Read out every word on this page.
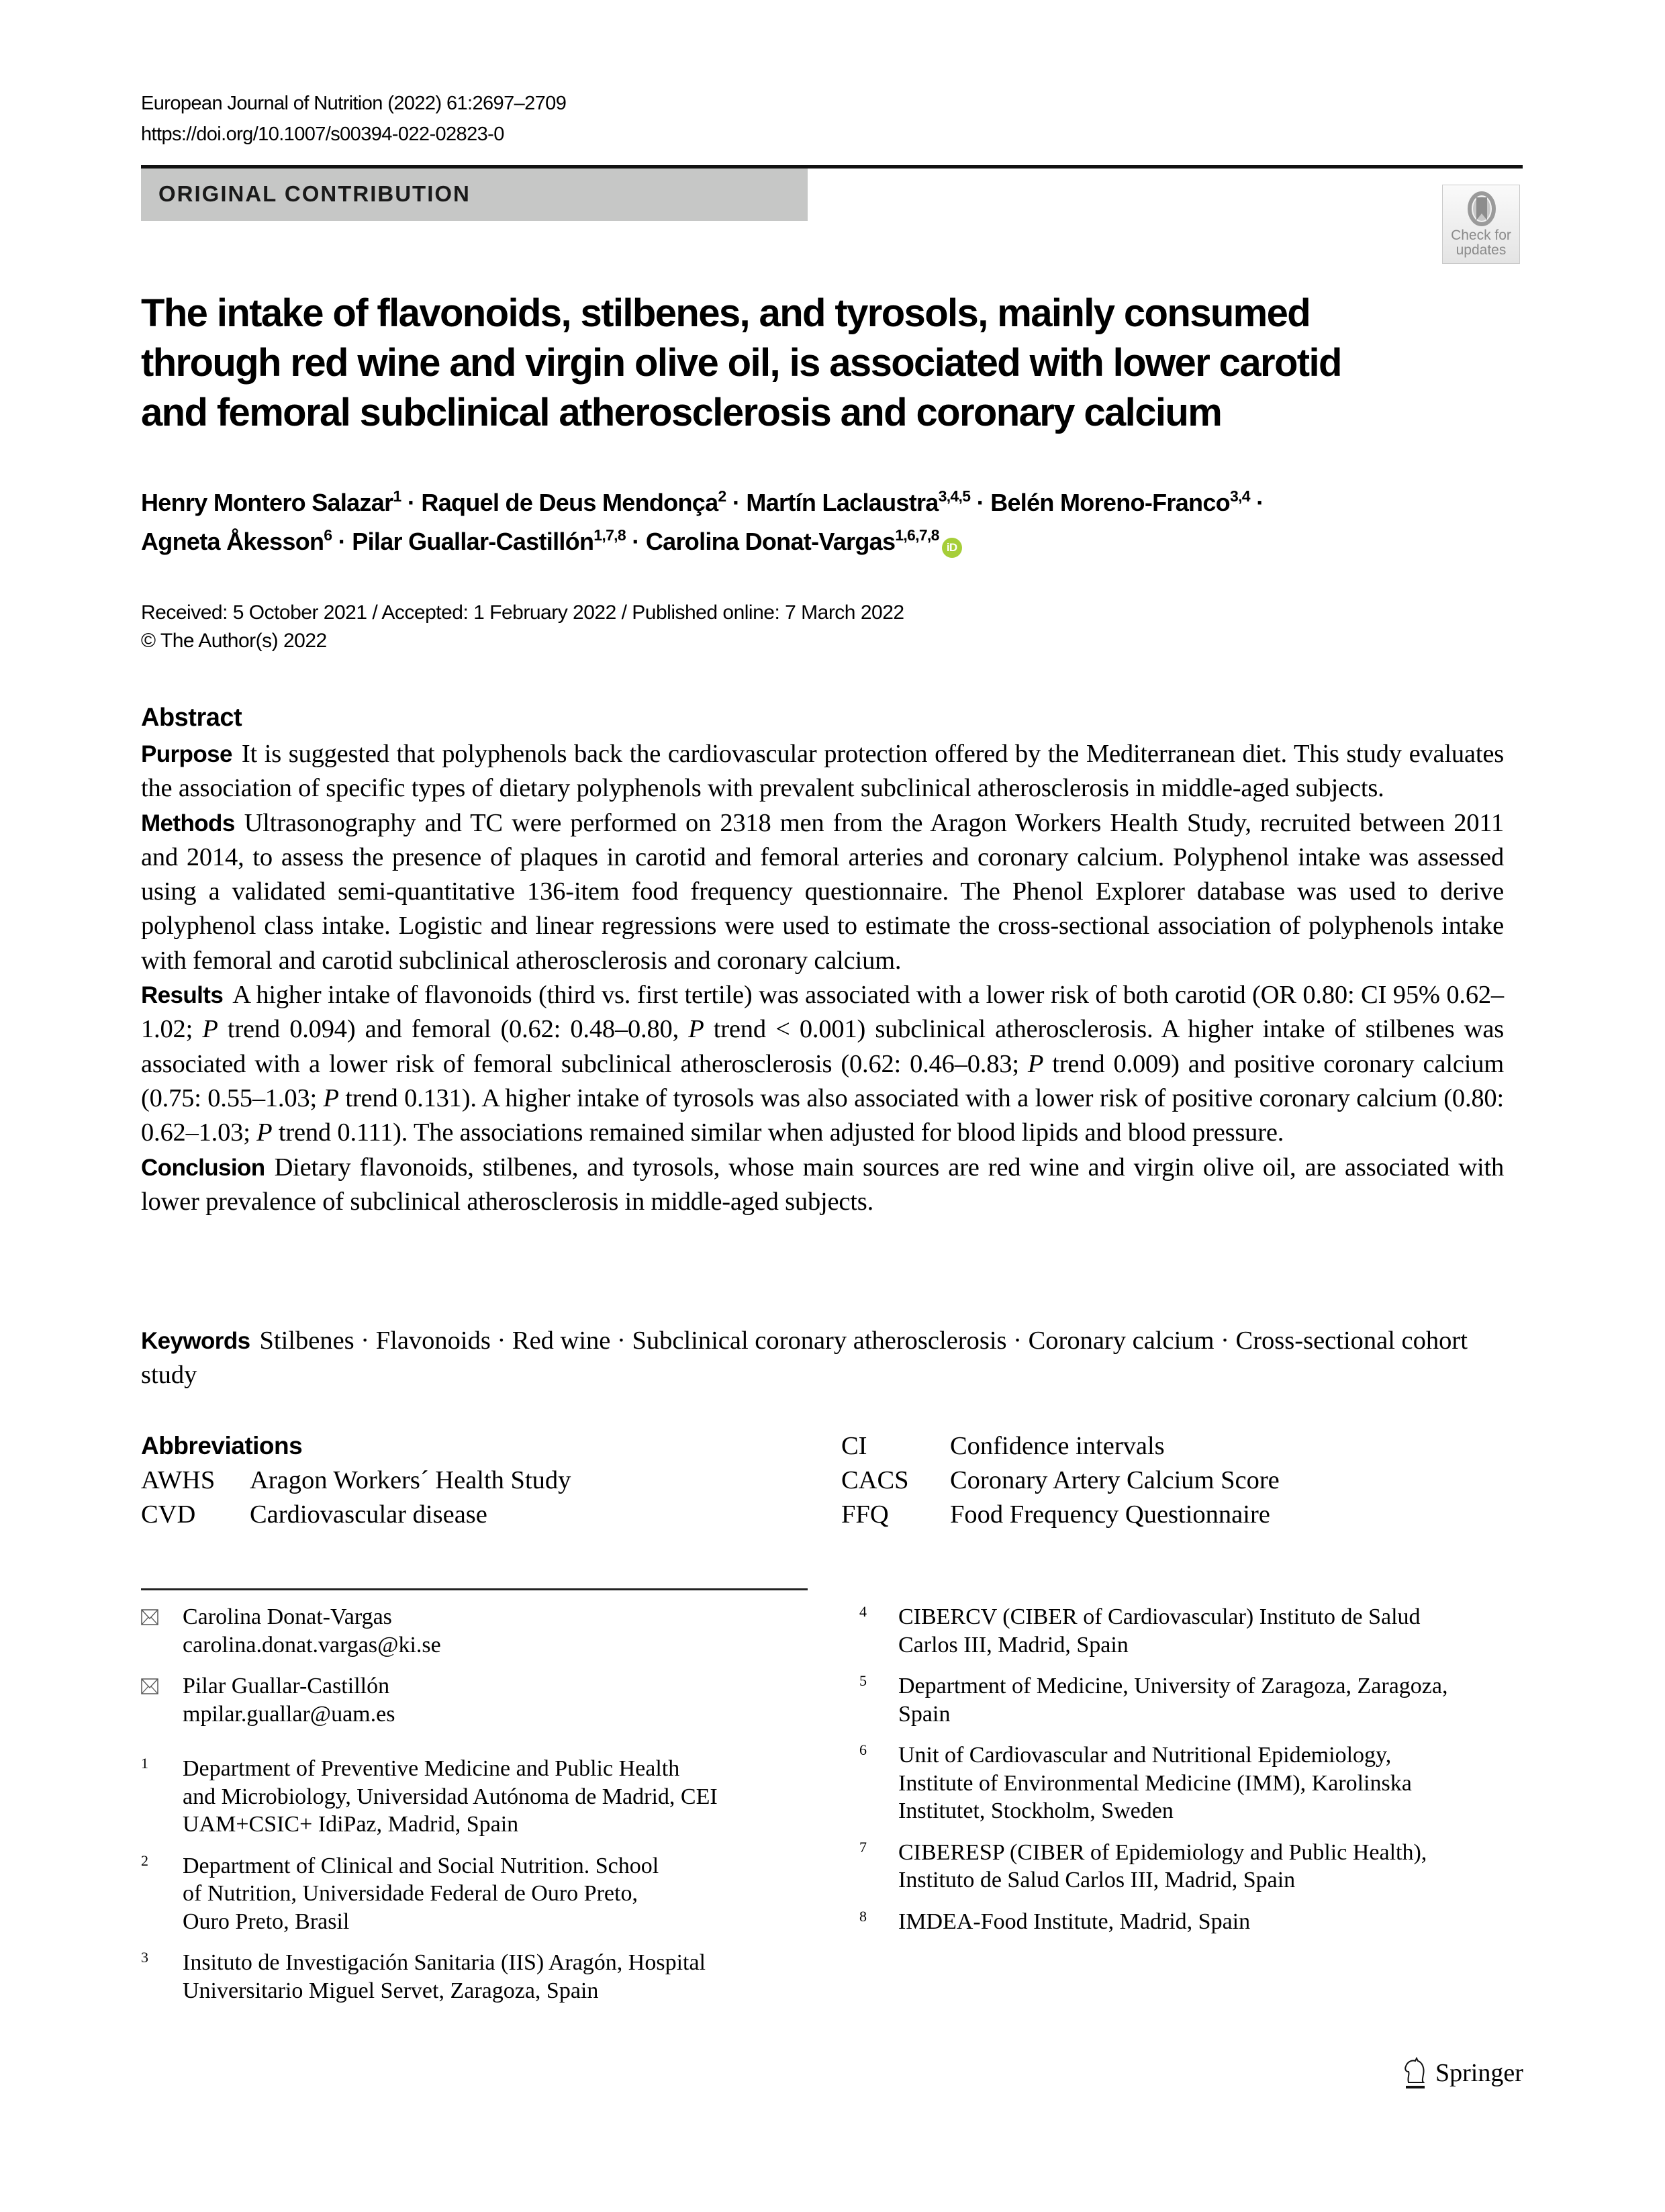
European Journal of Nutrition (2022) 61:2697–2709
https://doi.org/10.1007/s00394-022-02823-0
ORIGINAL CONTRIBUTION
Check for
updates
The intake of flavonoids, stilbenes, and tyrosols, mainly consumed
through red wine and virgin olive oil, is associated with lower carotid
and femoral subclinical atherosclerosis and coronary calcium
Henry Montero Salazar$^1$ · Raquel de Deus Mendonça$^2$ · Martín Laclaustra$^{3,4,5}$ · Belén Moreno-Franco$^{3,4}$ ·
Agneta Åkesson$^6$ · Pilar Guallar-Castillón$^{1,7,8}$ · Carolina Donat-Vargas$^{1,6,7,8}$iD
Received: 5 October 2021 / Accepted: 1 February 2022 / Published online: 7 March 2022
© The Author(s) 2022
Abstract

Purpose It is suggested that polyphenols back the cardiovascular protection offered by the Mediterranean diet. This study evaluates the association of specific types of dietary polyphenols with prevalent subclinical atherosclerosis in middle-aged subjects.

Methods Ultrasonography and TC were performed on 2318 men from the Aragon Workers Health Study, recruited between 2011 and 2014, to assess the presence of plaques in carotid and femoral arteries and coronary calcium. Polyphenol intake was assessed using a validated semi-quantitative 136-item food frequency questionnaire. The Phenol Explorer database was used to derive polyphenol class intake. Logistic and linear regressions were used to estimate the cross-sectional association of polyphenols intake with femoral and carotid subclinical atherosclerosis and coronary calcium.

Results A higher intake of flavonoids (third vs. first tertile) was associated with a lower risk of both carotid (OR 0.80: CI 95% 0.62–1.02; P trend 0.094) and femoral (0.62: 0.48–0.80, P trend < 0.001) subclinical atherosclerosis. A higher intake of stilbenes was associated with a lower risk of femoral subclinical atherosclerosis (0.62: 0.46–0.83; P trend 0.009) and positive coronary calcium (0.75: 0.55–1.03; P trend 0.131). A higher intake of tyrosols was also associated with a lower risk of positive coronary calcium (0.80: 0.62–1.03; P trend 0.111). The associations remained similar when adjusted for blood lipids and blood pressure.

Conclusion Dietary flavonoids, stilbenes, and tyrosols, whose main sources are red wine and virgin olive oil, are associated with lower prevalence of subclinical atherosclerosis in middle-aged subjects.

Keywords Stilbenes · Flavonoids · Red wine · Subclinical coronary atherosclerosis · Coronary calcium · Cross-sectional cohort study
Abbreviations
AWHS Aragon Workers´ Health Study
CVD Cardiovascular disease
CI	Confidence intervals
CACS Coronary Artery Calcium Score
FFQ Food Frequency Questionnaire
Carolina Donat-Vargas
carolina.donat.vargas@ki.se
Pilar Guallar-Castillón
mpilar.guallar@uam.es
1 Department of Preventive Medicine and Public Health
and Microbiology, Universidad Autónoma de Madrid, CEI
UAM+CSIC+ IdiPaz, Madrid, Spain
2 Department of Clinical and Social Nutrition. School
of Nutrition, Universidade Federal de Ouro Preto,
Ouro Preto, Brasil
3 Insituto de Investigación Sanitaria (IIS) Aragón, Hospital
Universitario Miguel Servet, Zaragoza, Spain
4 CIBERCV (CIBER of Cardiovascular) Instituto de Salud
Carlos III, Madrid, Spain
5 Department of Medicine, University of Zaragoza, Zaragoza,
Spain
6 Unit of Cardiovascular and Nutritional Epidemiology,
Institute of Environmental Medicine (IMM), Karolinska
Institutet, Stockholm, Sweden
7 CIBERESP (CIBER of Epidemiology and Public Health),
Instituto de Salud Carlos III, Madrid, Spain
8 IMDEA-Food Institute, Madrid, Spain
Springer
